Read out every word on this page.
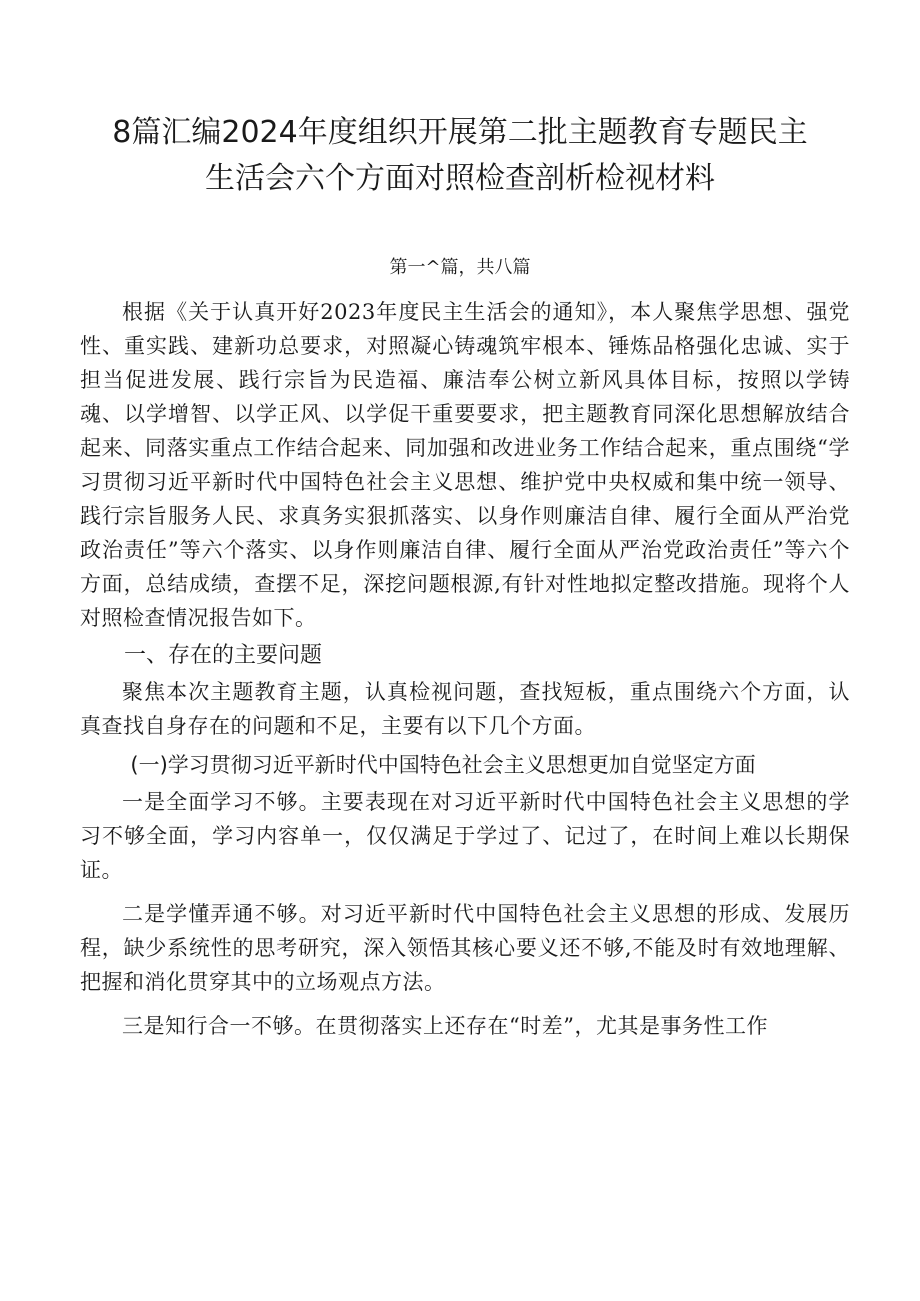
8篇汇编2024年度组织开展第二批主题教育专题民主
生活会六个方面对照检查剖析检视材料
第一^篇，共八篇

根据《关于认真开好2023年度民主生活会的通知》，本人聚焦学思想、强党性、重实践、建新功总要求，对照凝心铸魂筑牢根本、锤炼品格强化忠诚、实于担当促进发展、践行宗旨为民造福、廉洁奉公树立新风具体目标，按照以学铸魂、以学增智、以学正风、以学促干重要要求，把主题教育同深化思想解放结合起来、同落实重点工作结合起来、同加强和改进业务工作结合起来，重点围绕“学习贯彻习近平新时代中国特色社会主义思想、维护党中央权威和集中统一领导、践行宗旨服务人民、求真务实狠抓落实、以身作则廉洁自律、履行全面从严治党政治责任”等六个落实、以身作则廉洁自律、履行全面从严治党政治责任”等六个方面，总结成绩，查摆不足，深挖问题根源,有针对性地拟定整改措施。现将个人对照检查情况报告如下。

一、存在的主要问题

聚焦本次主题教育主题，认真检视问题，查找短板，重点围绕六个方面，认真查找自身存在的问题和不足，主要有以下几个方面。

(一)学习贯彻习近平新时代中国特色社会主义思想更加自觉坚定方面

一是全面学习不够。主要表现在对习近平新时代中国特色社会主义思想的学习不够全面，学习内容单一，仅仅满足于学过了、记过了，在时间上难以长期保证。

二是学懂弄通不够。对习近平新时代中国特色社会主义思想的形成、发展历程，缺少系统性的思考研究，深入领悟其核心要义还不够,不能及时有效地理解、把握和消化贯穿其中的立场观点方法。

三是知行合一不够。在贯彻落实上还存在“时差”，尤其是事务性工作
